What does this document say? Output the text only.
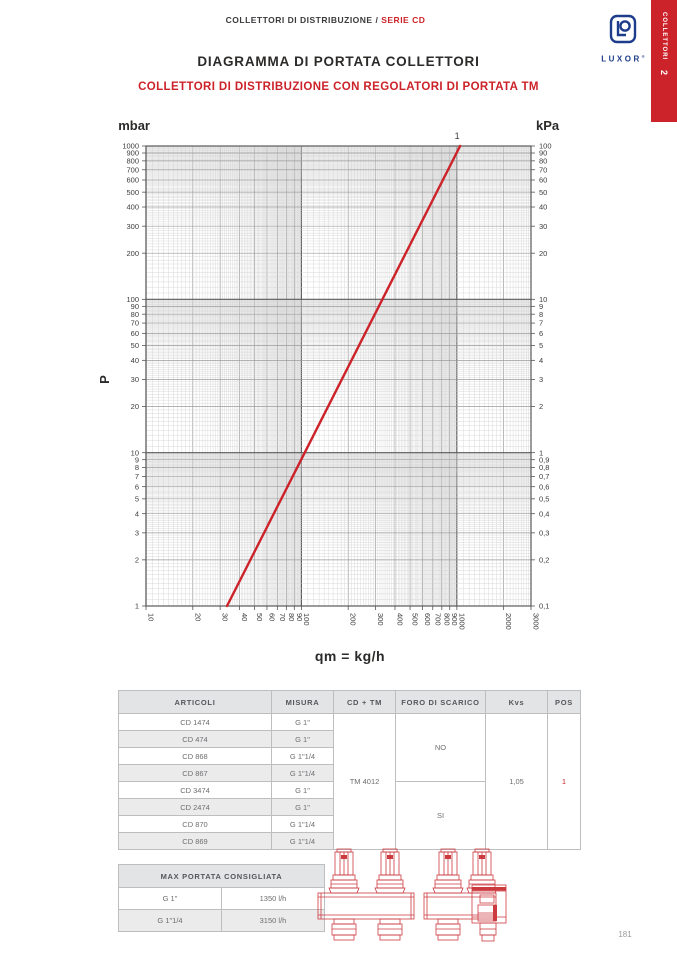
COLLETTORI DI DISTRIBUZIONE / SERIE CD
LUXOR®	COLLETTORI
2
DIAGRAMMA DI PORTATA COLLETTORI
COLLETTORI DI DISTRIBUZIONE CON REGOLATORI DI PORTATA TM
mbar	kPa
P
qm = kg/h
10	20 30 40 50 60 70 80
90
100	200 300 400 500 600 700 800
900
1000	2000 3000
1000
900
800
700
600
500
400
300
200
100
90
80
70
60
50
40
30
20
10
9
8
7
6
5
4
3
2
1
100
90
80
70
60
50
40
30
20
10
9
8
7
6
5
4
3
2
1
0,9
0,8
0,7
0,6
0,5
0,4
0,3
0,2
0,1
1
ARTICOLI	MISURA	CD + TM	FORO DI SCARICO	Kvs	POS
CD 1474	G 1"	TM 4012	NO	1,05	1
CD 474	G 1"				
CD 868	G 1"1/4				
CD 867	G 1"1/4				
CD 3474	G 1"		SI		
CD 2474	G 1"				
CD 870	G 1"1/4				
CD 869	G 1"1/4				
MAX PORTATA CONSIGLIATA	
G 1"	1350 l/h
G 1"1/4	3150 l/h
181
